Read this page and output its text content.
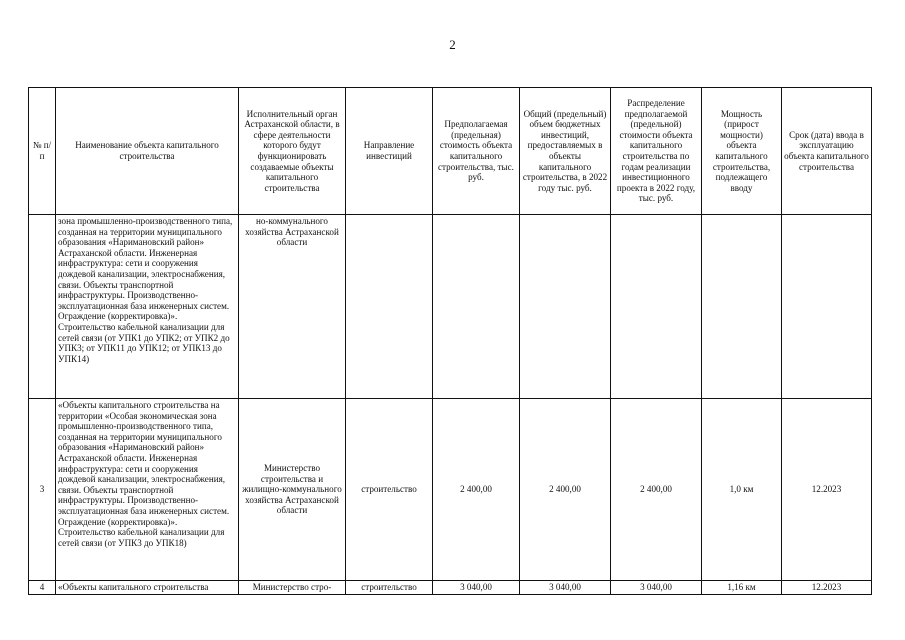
2
№ п/п	Наименование объекта капитального строительства	Исполнительный орган Астраханской области, в сфере деятельности которого будут функционировать создаваемые объекты капитального строительства	Направление инвестиций	Предполагаемая (предельная) стоимость объекта капитального строительства, тыс. руб.	Общий (предельный) объем бюджетных инвестиций, предоставляемых в объекты капитального строительства, в 2022 году тыс. руб.	Распределение предполагаемой (предельной) стоимости объекта капитального строительства по годам реализации инвестиционного проекта в 2022 году, тыс. руб.	Мощность (прирост мощности) объекта капитального строительства, подлежащего вводу	Срок (дата) ввода в эксплуатацию объекта капитального строительства
	зона промышленно-производственного типа, созданная на территории муниципального образования «Наримановский район» Астраханской области. Инженерная инфраструктура: сети и сооружения дождевой канализации, электроснабжения, связи. Объекты транспортной инфраструктуры. Производственно-эксплуатационная база инженерных систем. Ограждение (корректировка)». Строительство кабельной канализации для сетей связи (от УПК1 до УПК2; от УПК2 до УПК3; от УПК11 до УПК12; от УПК13 до УПК14)	но-коммунального хозяйства Астраханской области						
3	«Объекты капитального строительства на территории «Особая экономическая зона промышленно-производственного типа, созданная на территории муниципального образования «Наримановский район» Астраханской области. Инженерная инфраструктура: сети и сооружения дождевой канализации, электроснабжения, связи. Объекты транспортной инфраструктуры. Производственно-эксплуатационная база инженерных систем. Ограждение (корректировка)». Строительство кабельной канализации для сетей связи (от УПК3 до УПК18)	Министерство строительства и жилищно-коммунального хозяйства Астраханской области	строительство	2 400,00	2 400,00	2 400,00	1,0 км	12.2023
4	«Объекты капитального строительства	Министерство стро-	строительство	3 040,00	3 040,00	3 040,00	1,16 км	12.2023
